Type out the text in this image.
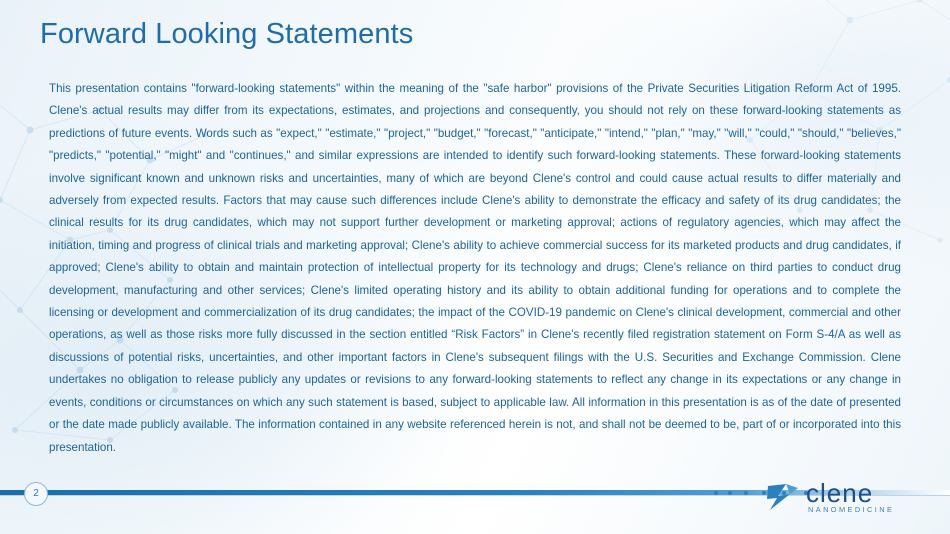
Forward Looking Statements
This presentation contains "forward-looking statements" within the meaning of the "safe harbor" provisions of the Private Securities Litigation Reform Act of 1995. Clene's actual results may differ from its expectations, estimates, and projections and consequently, you should not rely on these forward-looking statements as predictions of future events. Words such as "expect," "estimate," "project," "budget," "forecast," "anticipate," "intend," "plan," "may," "will," "could," "should," "believes," "predicts," "potential," "might" and "continues," and similar expressions are intended to identify such forward-looking statements. These forward-looking statements involve significant known and unknown risks and uncertainties, many of which are beyond Clene's control and could cause actual results to differ materially and adversely from expected results. Factors that may cause such differences include Clene's ability to demonstrate the efficacy and safety of its drug candidates; the clinical results for its drug candidates, which may not support further development or marketing approval; actions of regulatory agencies, which may affect the initiation, timing and progress of clinical trials and marketing approval; Clene's ability to achieve commercial success for its marketed products and drug candidates, if approved; Clene's ability to obtain and maintain protection of intellectual property for its technology and drugs; Clene's reliance on third parties to conduct drug development, manufacturing and other services; Clene's limited operating history and its ability to obtain additional funding for operations and to complete the licensing or development and commercialization of its drug candidates; the impact of the COVID-19 pandemic on Clene's clinical development, commercial and other operations, as well as those risks more fully discussed in the section entitled “Risk Factors” in Clene's recently filed registration statement on Form S-4/A as well as discussions of potential risks, uncertainties, and other important factors in Clene's subsequent filings with the U.S. Securities and Exchange Commission. Clene undertakes no obligation to release publicly any updates or revisions to any forward-looking statements to reflect any change in its expectations or any change in events, conditions or circumstances on which any such statement is based, subject to applicable law. All information in this presentation is as of the date of presented or the date made publicly available. The information contained in any website referenced herein is not, and shall not be deemed to be, part of or incorporated into this presentation.
2	clene
NANOMEDICINE
